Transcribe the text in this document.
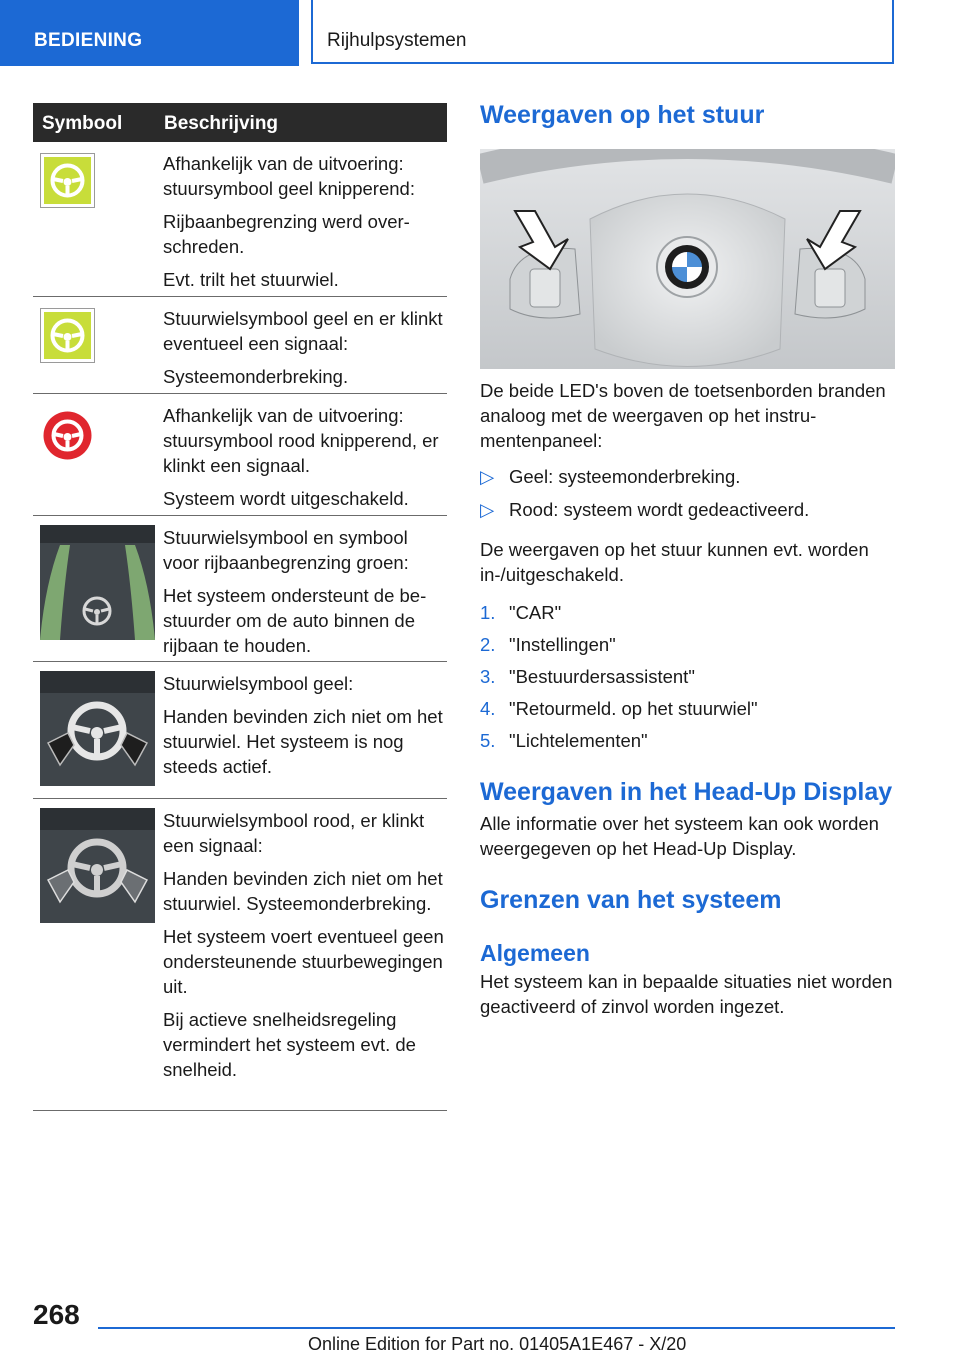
BEDIENING	Rijhulpsystemen
Symbool Beschrijving

Afhankelijk van de uitvoering: stuursymbool geel knipperend:

Rijbaanbegrenzing werd overschreden.

Evt. trilt het stuurwiel.

Stuurwielsymbool geel en er klinkt eventueel een signaal:

Systeemonderbreking.

Afhankelijk van de uitvoering: stuursymbool rood knipperend, er klinkt een signaal.

Systeem wordt uitgeschakeld.

Stuurwielsymbool en symbool voor rijbaanbegrenzing groen:

Het systeem ondersteunt de bestuurder om de auto binnen de rijbaan te houden.

Stuurwielsymbool geel:

Handen bevinden zich niet om het stuurwiel. Het systeem is nog steeds actief.

Stuurwielsymbool rood, er klinkt een signaal:

Handen bevinden zich niet om het stuurwiel. Systeemonderbreking.

Het systeem voert eventueel geen ondersteunende stuurbewegingen uit.

Bij actieve snelheidsregeling vermindert het systeem evt. de snelheid.

Weergaven op het stuur

De beide LED's boven de toetsenborden branden analoog met de weergaven op het instrumentenpaneel:

▷ Geel: systeemonderbreking.
▷ Rood: systeem wordt gedeactiveerd.

De weergaven op het stuur kunnen evt. worden in-/uitgeschakeld.

1. "CAR"
2. "Instellingen"
3. "Bestuurdersassistent"
4. "Retourmeld. op het stuurwiel"
5. "Lichtelementen"
Weergaven in het Head-Up Display

Alle informatie over het systeem kan ook worden weergegeven op het Head-Up Display.

Grenzen van het systeem
Algemeen

Het systeem kan in bepaalde situaties niet worden geactiveerd of zinvol worden ingezet.

268
Online Edition for Part no. 01405A1E467 - X/20
